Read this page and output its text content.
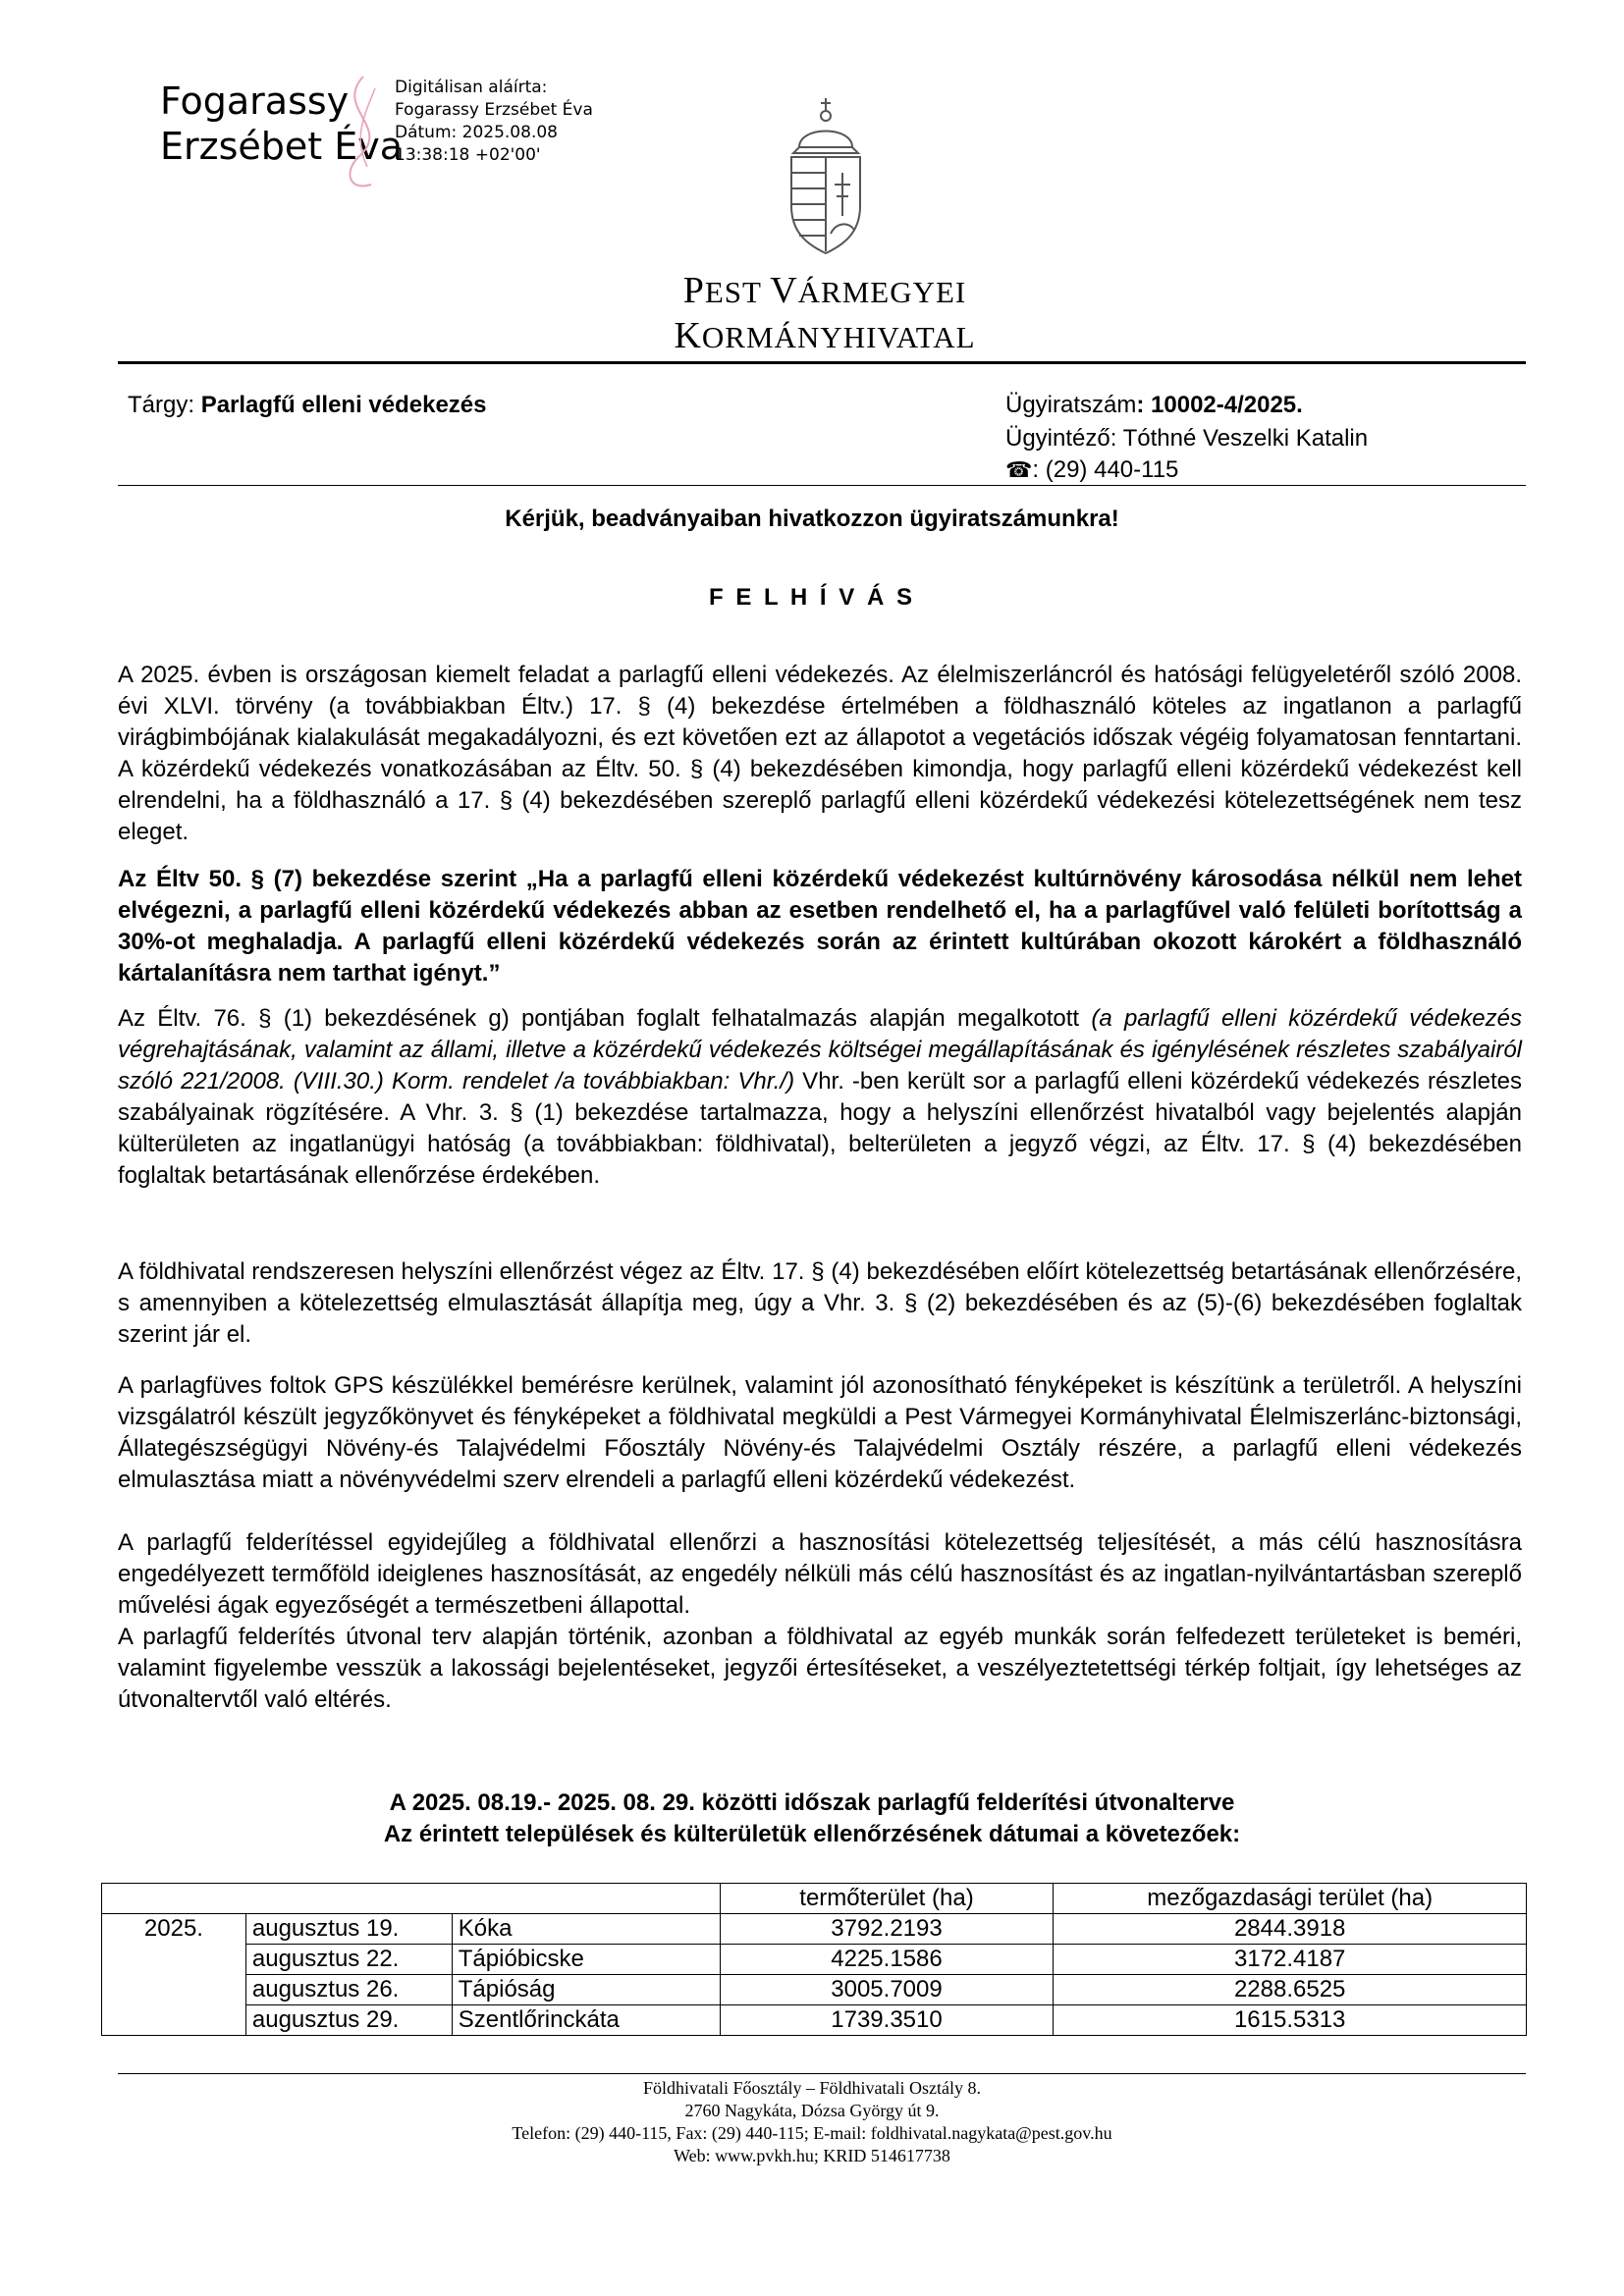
Fogarassy
Erzsébet Éva
Digitálisan aláírta:
Fogarassy Erzsébet Éva
Dátum: 2025.08.08
13:38:18 +02'00'
PEST VÁRMEGYEI
KORMÁNYHIVATAL
Tárgy: Parlagfű elleni védekezés	Ügyiratszám: 10002-4/2025.
Ügyintéző: Tóthné Veszelki Katalin
☎: (29) 440-115
Kérjük, beadványaiban hivatkozzon ügyiratszámunkra!
F E L H Í V Á S
A 2025. évben is országosan kiemelt feladat a parlagfű elleni védekezés. Az élelmiszerláncról és hatósági felügyeletéről szóló 2008. évi XLVI. törvény (a továbbiakban Éltv.) 17. § (4) bekezdése értelmében a földhasználó köteles az ingatlanon a parlagfű virágbimbójának kialakulását megakadályozni, és ezt követően ezt az állapotot a vegetációs időszak végéig folyamatosan fenntartani. A közérdekű védekezés vonatkozásában az Éltv. 50. § (4) bekezdésében kimondja, hogy parlagfű elleni közérdekű védekezést kell elrendelni, ha a földhasználó a 17. § (4) bekezdésében szereplő parlagfű elleni közérdekű védekezési kötelezettségének nem tesz eleget.
Az Éltv 50. § (7) bekezdése szerint „Ha a parlagfű elleni közérdekű védekezést kultúrnövény károsodása nélkül nem lehet elvégezni, a parlagfű elleni közérdekű védekezés abban az esetben rendelhető el, ha a parlagfűvel való felületi borítottság a 30%-ot meghaladja. A parlagfű elleni közérdekű védekezés során az érintett kultúrában okozott károkért a földhasználó kártalanításra nem tarthat igényt.”
Az Éltv. 76. § (1) bekezdésének g) pontjában foglalt felhatalmazás alapján megalkotott (a parlagfű elleni közérdekű védekezés végrehajtásának, valamint az állami, illetve a közérdekű védekezés költségei megállapításának és igénylésének részletes szabályairól szóló 221/2008. (VIII.30.) Korm. rendelet /a továbbiakban: Vhr./) Vhr. -ben került sor a parlagfű elleni közérdekű védekezés részletes szabályainak rögzítésére. A Vhr. 3. § (1) bekezdése tartalmazza, hogy a helyszíni ellenőrzést hivatalból vagy bejelentés alapján külterületen az ingatlanügyi hatóság (a továbbiakban: földhivatal), belterületen a jegyző végzi, az Éltv. 17. § (4) bekezdésében foglaltak betartásának ellenőrzése érdekében.
A földhivatal rendszeresen helyszíni ellenőrzést végez az Éltv. 17. § (4) bekezdésében előírt kötelezettség betartásának ellenőrzésére, s amennyiben a kötelezettség elmulasztását állapítja meg, úgy a Vhr. 3. § (2) bekezdésében és az (5)-(6) bekezdésében foglaltak szerint jár el.
A parlagfüves foltok GPS készülékkel bemérésre kerülnek, valamint jól azonosítható fényképeket is készítünk a területről. A helyszíni vizsgálatról készült jegyzőkönyvet és fényképeket a földhivatal megküldi a Pest Vármegyei Kormányhivatal Élelmiszerlánc-biztonsági, Állategészségügyi Növény-és Talajvédelmi Főosztály Növény-és Talajvédelmi Osztály részére, a parlagfű elleni védekezés elmulasztása miatt a növényvédelmi szerv elrendeli a parlagfű elleni közérdekű védekezést.
A parlagfű felderítéssel egyidejűleg a földhivatal ellenőrzi a hasznosítási kötelezettség teljesítését, a más célú hasznosításra engedélyezett termőföld ideiglenes hasznosítását, az engedély nélküli más célú hasznosítást és az ingatlan-nyilvántartásban szereplő művelési ágak egyezőségét a természetbeni állapottal.
A parlagfű felderítés útvonal terv alapján történik, azonban a földhivatal az egyéb munkák során felfedezett területeket is beméri, valamint figyelembe vesszük a lakossági bejelentéseket, jegyzői értesítéseket, a veszélyeztetettségi térkép foltjait, így lehetséges az útvonaltervtől való eltérés.
A 2025. 08.19.- 2025. 08. 29. közötti időszak parlagfű felderítési útvonalterve
Az érintett települések és külterületük ellenőrzésének dátumai a követezőek:
			termőterület (ha)	mezőgazdasági terület (ha)
2025.	augusztus 19.	Kóka	3792.2193	2844.3918
	augusztus 22.	Tápióbicske	4225.1586	3172.4187
	augusztus 26.	Tápióság	3005.7009	2288.6525
	augusztus 29.	Szentlőrinckáta	1739.3510	1615.5313
Földhivatali Főosztály – Földhivatali Osztály 8.
2760 Nagykáta, Dózsa György út 9.
Telefon: (29) 440-115, Fax: (29) 440-115; E-mail: foldhivatal.nagykata@pest.gov.hu
Web: www.pvkh.hu; KRID 514617738
